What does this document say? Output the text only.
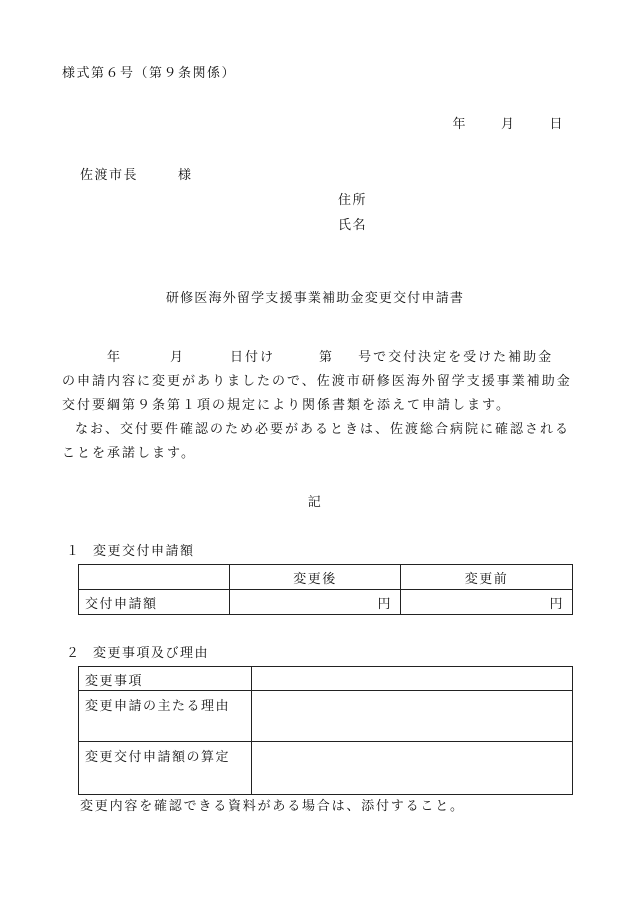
様式第６号（第９条関係）
年	月	日
佐渡市長	様
住所
氏名
研修医海外留学支援事業補助金変更交付申請書

年	月	日付け	第 号で交付決定を受けた補助金

の申請内容に変更がありましたので、佐渡市研修医海外留学支援事業補助金交付要綱第９条第１項の規定により関係書類を添えて申請します。

なお、交付要件確認のため必要があるときは、佐渡総合病院に確認されることを承諾します。

記
１ 変更交付申請額
	変更後	変更前
交付申請額	円	円
２ 変更事項及び理由
変更事項	
変更申請の主たる理由	
変更交付申請額の算定	
変更内容を確認できる資料がある場合は、添付すること。
